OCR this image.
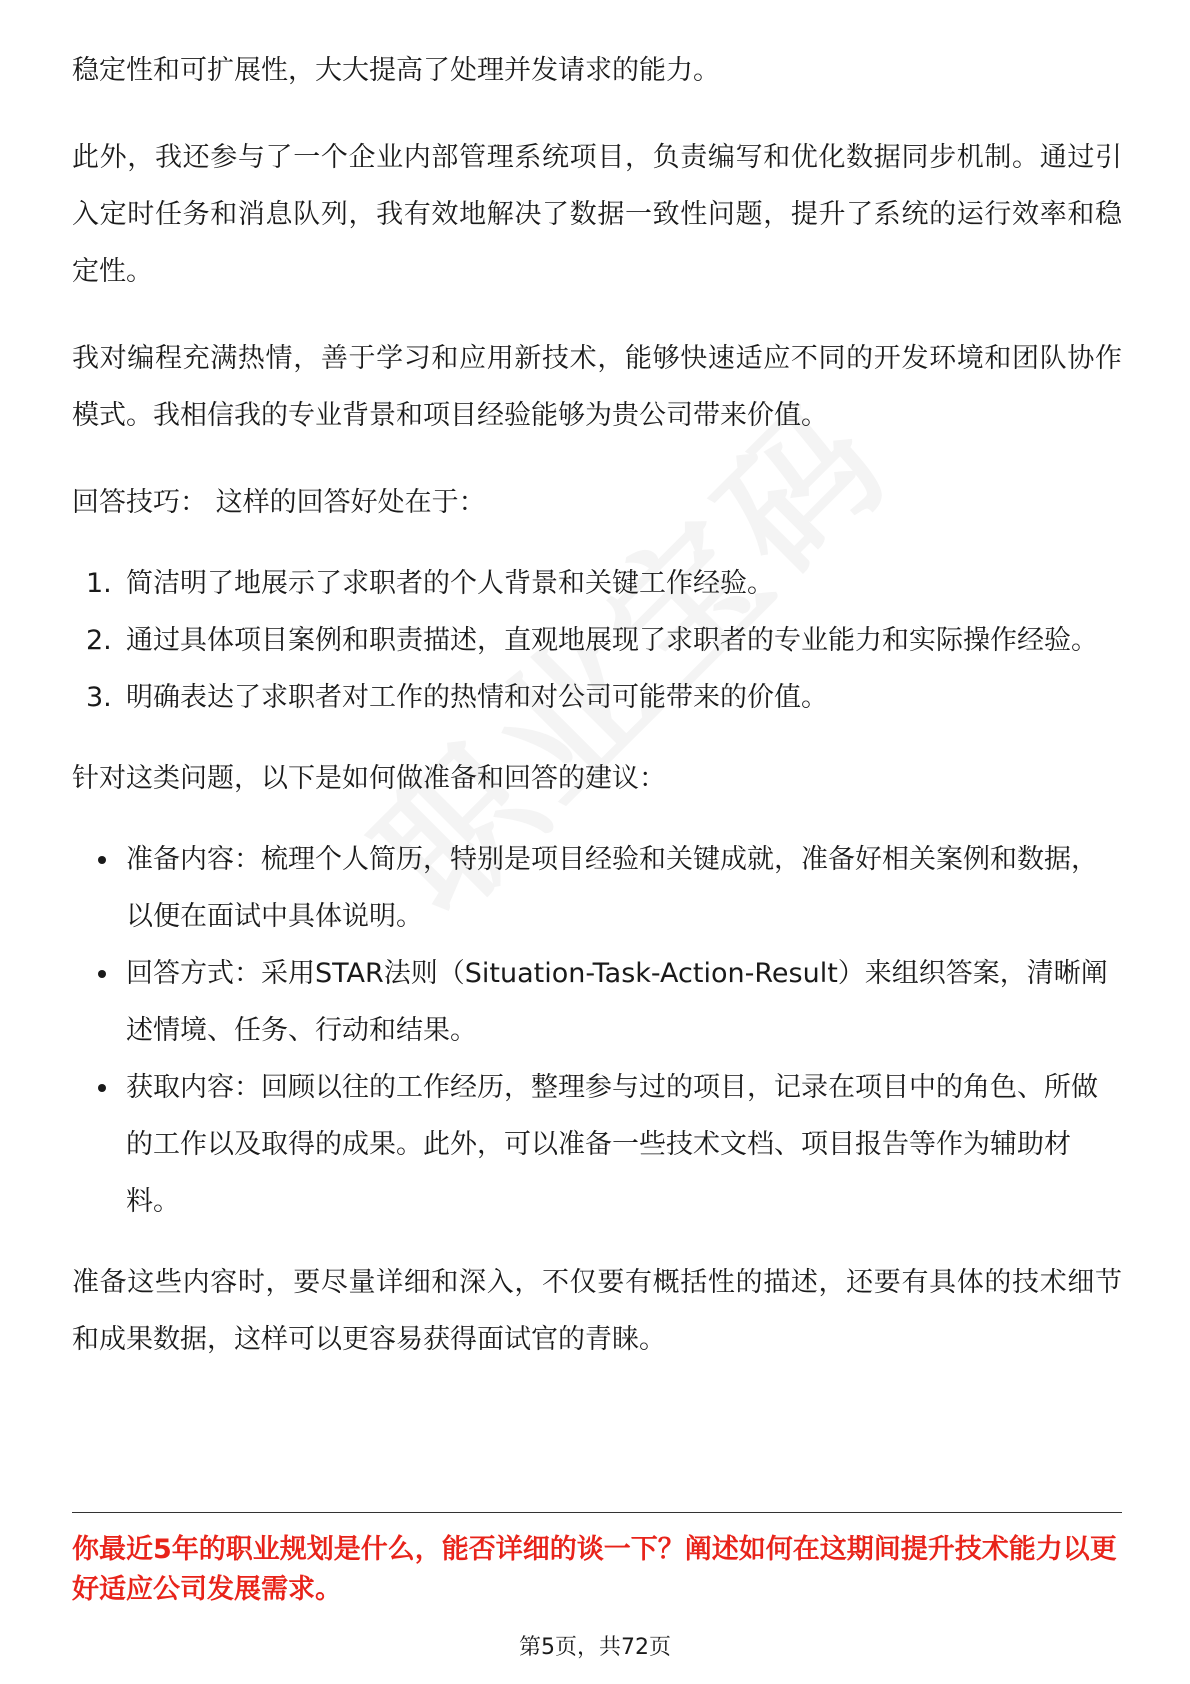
稳定性和可扩展性，大大提高了处理并发请求的能力。

此外，我还参与了一个企业内部管理系统项目，负责编写和优化数据同步机制。通过引入定时任务和消息队列，我有效地解决了数据一致性问题，提升了系统的运行效率和稳定性。

我对编程充满热情，善于学习和应用新技术，能够快速适应不同的开发环境和团队协作模式。我相信我的专业背景和项目经验能够为贵公司带来价值。

回答技巧： 这样的回答好处在于：

1. 简洁明了地展示了求职者的个人背景和关键工作经验。
2. 通过具体项目案例和职责描述，直观地展现了求职者的专业能力和实际操作经验。
3. 明确表达了求职者对工作的热情和对公司可能带来的价值。

针对这类问题，以下是如何做准备和回答的建议：

准备内容：梳理个人简历，特别是项目经验和关键成就，准备好相关案例和数据，以便在面试中具体说明。
回答方式：采用STAR法则（Situation-Task-Action-Result）来组织答案，清晰阐述情境、任务、行动和结果。
获取内容：回顾以往的工作经历，整理参与过的项目，记录在项目中的角色、所做的工作以及取得的成果。此外，可以准备一些技术文档、项目报告等作为辅助材料。

准备这些内容时，要尽量详细和深入，不仅要有概括性的描述，还要有具体的技术细节和成果数据，这样可以更容易获得面试官的青睐。

你最近5年的职业规划是什么，能否详细的谈一下？阐述如何在这期间提升技术能力以更好适应公司发展需求。

第5页，共72页
